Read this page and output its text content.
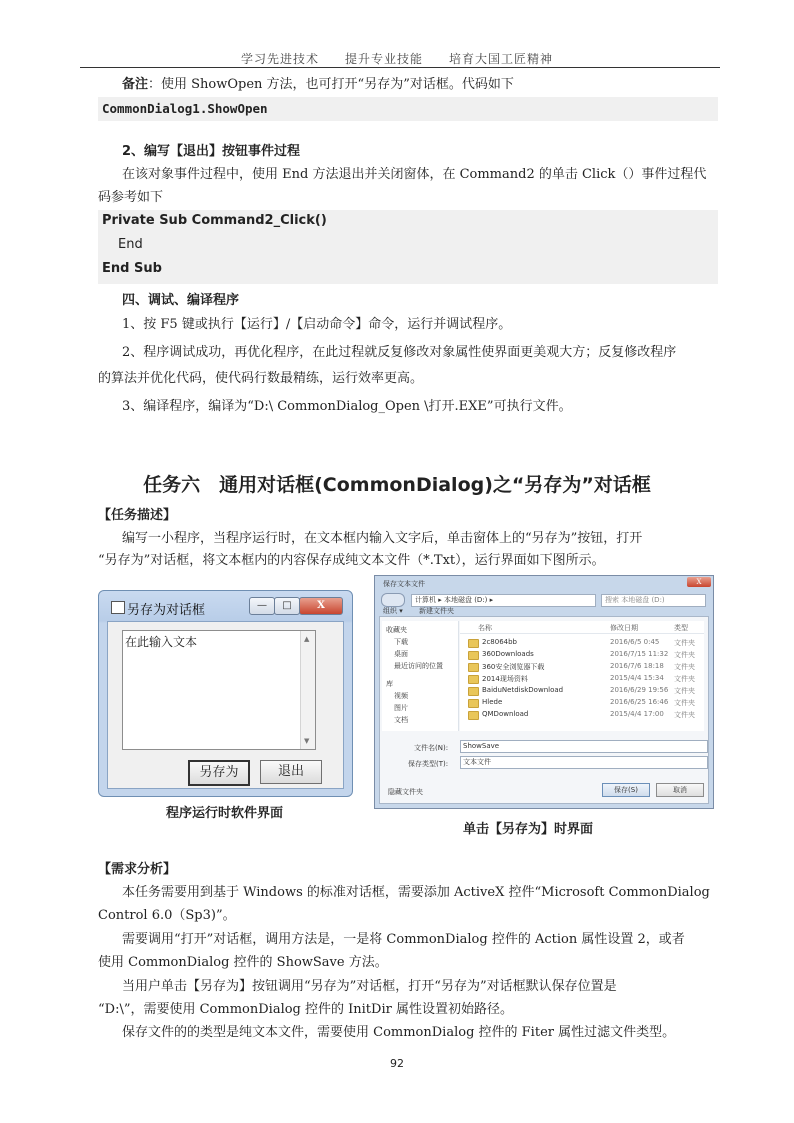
学习先进技术　　提升专业技能　　培育大国工匠精神
备注：使用 ShowOpen 方法，也可打开“另存为”对话框。代码如下
CommonDialog1.ShowOpen
2、编写【退出】按钮事件过程
在该对象事件过程中，使用 End 方法退出并关闭窗体，在 Command2 的单击 Click（）事件过程代
码参考如下
Private Sub Command2_Click()
End
End Sub
四、调试、编译程序
1、按 F5 键或执行【运行】/【启动命令】命令，运行并调试程序。
2、程序调试成功，再优化程序，在此过程就反复修改对象属性使界面更美观大方；反复修改程序
的算法并优化代码，使代码行数最精练，运行效率更高。
3、编译程序，编译为“D:\ CommonDialog_Open \打开.EXE”可执行文件。
任务六　通用对话框(CommonDialog)之“另存为”对话框
【任务描述】
编写一小程序，当程序运行时，在文本框内输入文字后，单击窗体上的“另存为”按钮，打开
“另存为”对话框，将文本框内的内容保存成纯文本文件（*.Txt），运行界面如下图所示。
另存为对话框	—	□	X
在此输入文本	▲
▼
另存为	退出
程序运行时软件界面
保存文本文件	X
计算机 ▸ 本地磁盘 (D:) ▸	搜索 本地磁盘 (D:)
组织 ▾ 新建文件夹
收藏夹
下载
桌面
最近访问的位置
库
视频
图片
文档
名称	修改日期	类型
2c8064bb	2016/6/5 0:45 文件夹
360Downloads	2016/7/15 11:32 文件夹
360安全浏览器下载	2016/7/6 18:18 文件夹
2014现场资料	2015/4/4 15:34 文件夹
BaiduNetdiskDownload	2016/6/29 19:56 文件夹
Hlede	2016/6/25 16:46 文件夹
QMDownload	2015/4/4 17:00 文件夹
文件名(N):	ShowSave
保存类型(T):	文本文件
隐藏文件夹	保存(S)	取消
单击【另存为】时界面
【需求分析】
本任务需要用到基于 Windows 的标准对话框，需要添加 ActiveX 控件“Microsoft CommonDialog
Control 6.0（Sp3)”。
需要调用“打开”对话框，调用方法是，一是将 CommonDialog 控件的 Action 属性设置 2，或者
使用 CommonDialog 控件的 ShowSave 方法。
当用户单击【另存为】按钮调用“另存为”对话框，打开“另存为”对话框默认保存位置是
“D:\”，需要使用 CommonDialog 控件的 InitDir 属性设置初始路径。
保存文件的的类型是纯文本文件，需要使用 CommonDialog 控件的 Fiter 属性过滤文件类型。
92
